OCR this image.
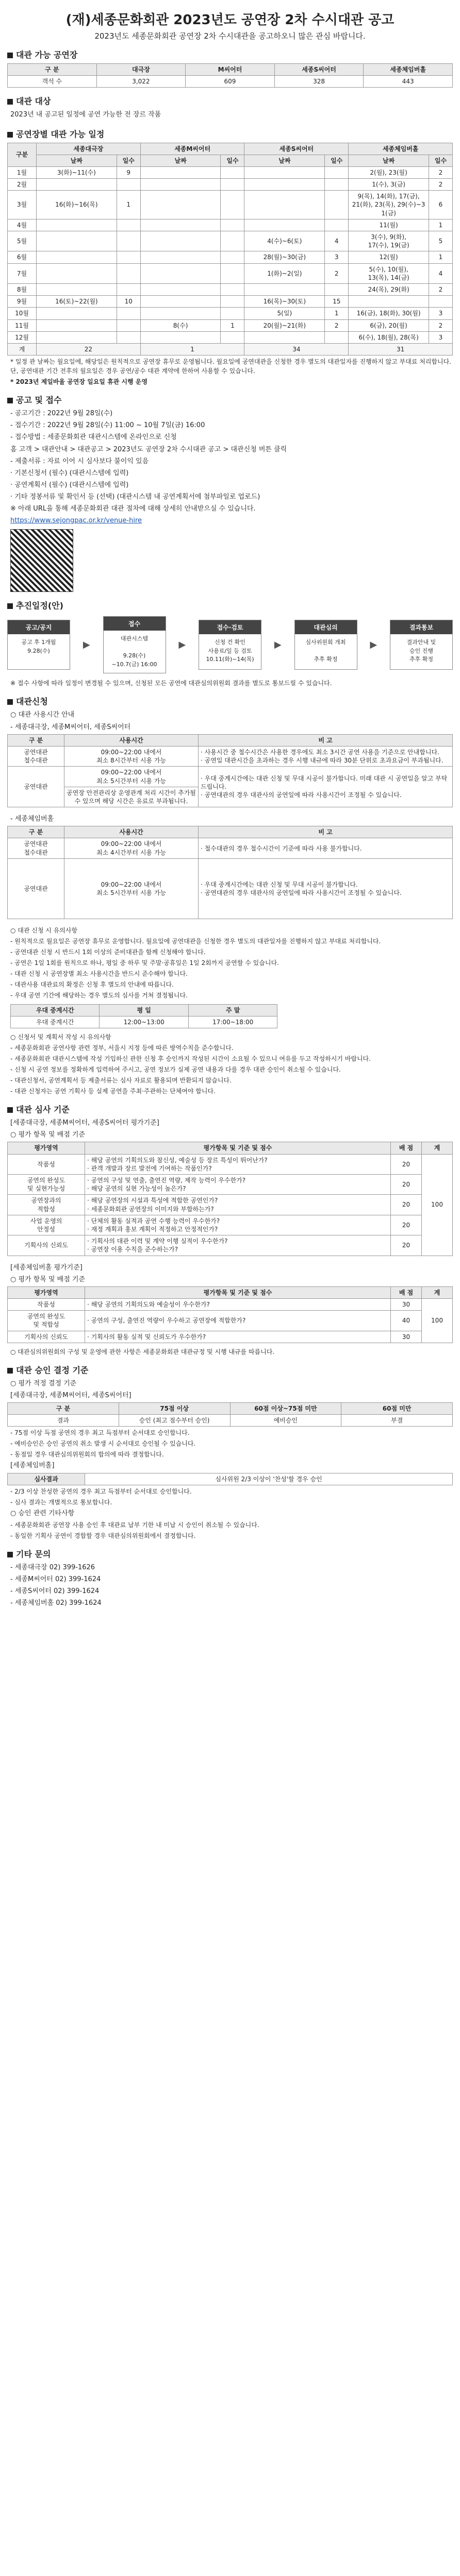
(재)세종문화회관 2023년도 공연장 2차 수시대관 공고
2023년도 세종문화회관 공연장 2차 수시대관을 공고하오니 많은 관심 바랍니다.
대관 가능 공연장
구 분	대극장	M씨어터	세종S씨어터	세종체임버홀
객석 수	3,022	609	328	443
대관 대상
2023년 내 공고된 일정에 공연 가능한 전 장르 작품
공연장별 대관 가능 일정
구분	세종대극장		세종M씨어터		세종S씨어터		세종체임버홀	
	날짜	일수	날짜	일수	날짜	일수	날짜	일수
1월	3(화)~11(수)	9					2(월), 23(월)	2
2월							1(수), 3(금)	2
3월	16(화)~16(목)	1					9(목), 14(화), 17(금),
21(화), 23(목), 29(수)~31(금)	6
4월							11(월)	1
5월					4(수)~6(토)	4	3(수), 9(화),
17(수), 19(금)	5
6월					28(월)~30(금)	3	12(월)	1
7월					1(화)~2(일)	2	5(수), 10(월),
13(목), 14(금)	4
8월							24(목), 29(화)	2
9월	16(토)~22(월)	10			16(목)~30(토)	15		
10월					5(일)	1	16(금), 18(화), 30(월)	3
11월			8(수)	1	20(월)~21(화)	2	6(금), 20(월)	2
12월							6(수), 18(월), 28(목)	3
계	22		1		34		31	
* 일정 관 날짜는 월요일에, 해당일은 원칙적으로 공연장 휴무로 운영됩니다. 월요일에 공연대관을 신청한 경우 별도의 대관일자를 진행하지 않고 부대료 처리합니다. 단, 공연대관 기간 전후의 월요일은 경우 공연/공수 대관 계약에 한하여 사용할 수 있습니다.
* 2023년 제일바울 공연장 일요일 휴관 시행 운영
공고 및 접수
- 공고기간 : 2022년 9월 28일(수)
- 접수기간 : 2022년 9월 28일(수) 11:00 ~ 10월 7일(금) 16:00
- 접수방법 : 세종문화회관 대관시스템에 온라인으로 신청
홈 고객 > 대관안내 > 대관공고 > 2023년도 공연장 2차 수시대관 공고 > 대관신청 버튼 클릭
- 제출서류 : 자료 이어 시 심사보다 불이익 있음
· 기본신청서 (필수) (대관시스템에 입력)
· 공연계획서 (필수) (대관시스템에 입력)
· 기타 정봉서류 및 확인서 등 (선택) (대관시스템 내 공연계획서에 첨부파일로 업로드)
※ 아래 URL을 통해 세종문화회관 대관 절차에 대해 상세히 안내받으실 수 있습니다.
https://www.sejongpac.or.kr/venue-hire
추진일정(안)
공고/공지
공고 후 1개월
9.28(수)
▶
접수
대관시스템

9.28(수)
~10.7(금) 16:00
▶
접수·검토
신청 건 확인
사용료/일 등 검토
10.11(화)~14(목)
▶
대관심의
심사위원회 개최

추후 확정
▶
결과통보
결과안내 및
승인 진행
추후 확정
※ 접수 사항에 따라 일정이 변경될 수 있으며, 신청된 모든 공연에 대관심의위원회 결과를 별도로 통보드릴 수 있습니다.
대관신청
○ 대관 사용시간 안내
- 세종대극장, 세종M씨어터, 세종S씨어터
구 분	사용시간	비 고
공연대관
철수대관	09:00~22:00 내에서
최소 8시간부터 시용 가능	· 사용시간 중 철수시간은 사용한 경우에도 최소 3시간 공연 사용을 기준으로 안내합니다.
· 공연일 대관시간을 초과하는 경우 시행 내규에 따라 30분 단위로 초과요금이 부과됩니다.
공연대관	09:00~22:00 내에서
최소 5시간부터 시용 가능	· 우대 중계시간에는 대관 신청 및 무대 시공이 불가합니다. 미래 대관 시 공연일을 알고 부탁드립니다.
· 공연대관의 경우 대관사의 공연일에 따라 사용시간이 조정될 수 있습니다.
	공연장 안전관리상 운영관계 처리 시간이 추가될 수 있으며 해당 시간은 유료로 부과됩니다.	
- 세종체임버홀
구 분	사용시간	비 고
공연대관
철수대관	09:00~22:00 내에서
최소 4시간부터 시용 가능	· 철수대관의 경우 철수시간이 기준에 따라 사용 불가합니다.
공연대관	09:00~22:00 내에서
최소 5시간부터 시용 가능	· 우대 중계시간에는 대관 신청 및 무대 시공이 불가합니다.
· 공연대관의 경우 대관사의 공연일에 따라 사용시간이 조정될 수 있습니다.
○ 대관 신청 시 유의사항
- 원칙적으로 월요일은 공연장 휴무로 운영합니다. 월요일에 공연대관을 신청한 경우 별도의 대관일자를 진행하지 않고 부대료 처리합니다.
- 공연대관 신청 시 반드시 1회 이상의 준비대관을 함께 신청해야 합니다.
- 공연은 1일 1회를 원칙으로 하나, 평일 중 하루 및 주말·공휴일은 1일 2회까지 공연할 수 있습니다.
- 대관 신청 시 공연장별 최소 사용시간을 반드시 준수해야 합니다.
- 대관사용 대관료의 확정은 신청 후 별도의 안내에 따릅니다.
- 우대 공연 기간에 해당하는 경우 별도의 심사를 거쳐 결정됩니다.
우대 중계시간	평 일	주 말
우대 중계시간	12:00~13:00	17:00~18:00
○ 신청서 및 계획서 작성 시 유의사항
- 세종문화회관 공연사항 관련 정부, 서울시 지정 등에 따른 방역수칙을 준수합니다.
- 세종문화회관 대관시스템에 작성 기입하신 관한 신청 후 승인까지 작성된 시간이 소요될 수 있으니 여유를 두고 작성하시기 바랍니다.
- 신청 시 공연 정보를 정확하게 입력하여 주시고, 공연 정보가 실제 공연 내용과 다를 경우 대관 승인이 취소될 수 있습니다.
- 대관신청서, 공연계획서 등 제출서류는 심사 자료로 활용되며 반환되지 않습니다.
- 대관 신청자는 공연 기획사 등 실제 공연을 주최·주관하는 단체여야 합니다.
대관 심사 기준
[세종대극장, 세종M씨어터, 세종S씨어터 평가기준]
○ 평가 항목 및 배점 기준
평가영역	평가항목 및 기준 및 점수	배 점	계
작품성	· 해당 공연의 기획의도와 참신성, 예술성 등 장르 특성이 뛰어난가?
· 관객 개발과 장르 발전에 기여하는 작품인가?	20	100
공연의 완성도
및 실현가능성	· 공연의 구성 및 연출, 출연진 역량, 제작 능력이 우수한가?
· 해당 공연의 실현 가능성이 높은가?	20	
공연장과의
적합성	· 해당 공연장의 시설과 특성에 적합한 공연인가?
· 세종문화회관 공연장의 이미지와 부합하는가?	20	
사업 운영의
안정성	· 단체의 활동 실적과 공연 수행 능력이 우수한가?
· 재정 계획과 홍보 계획이 적정하고 안정적인가?	20	
기획사의 신뢰도	· 기획사의 대관 이력 및 계약 이행 실적이 우수한가?
· 공연장 이용 수칙을 준수하는가?	20	
[세종체임버홀 평가기준]
○ 평가 항목 및 배점 기준
평가영역	평가항목 및 기준 및 점수	배 점	계
작품성	· 해당 공연의 기획의도와 예술성이 우수한가?	30	100
공연의 완성도
및 적합성	· 공연의 구성, 출연진 역량이 우수하고 공연장에 적합한가?	40	
기획사의 신뢰도	· 기획사의 활동 실적 및 신뢰도가 우수한가?	30	
○ 대관심의위원회의 구성 및 운영에 관한 사항은 세종문화회관 대관규정 및 시행 내규를 따릅니다.
대관 승인 결정 기준
○ 평가 적정 결정 기준
[세종대극장, 세종M씨어터, 세종S씨어터]
구 분	75점 이상	60점 이상~75점 미만	60점 미만
결과	승인 (최고 점수부터 승인)	예비승인	부결
- 75점 이상 득점 공연의 경우 최고 득점부터 순서대로 승인합니다.
- 예비승인은 승인 공연의 취소 발생 시 순서대로 승인될 수 있습니다.
- 동점일 경우 대관심의위원회의 합의에 따라 결정합니다.
[세종체임버홀]
심사결과	심사위원 2/3 이상이 '찬성'할 경우 승인
- 2/3 이상 찬성한 공연의 경우 최고 득점부터 순서대로 승인합니다.
- 심사 결과는 개별적으로 통보합니다.
○ 승인 관련 기타사항
- 세종문화회관 공연장 사용 승인 후 대관료 납부 기한 내 미납 시 승인이 취소될 수 있습니다.
- 동일한 기획사 공연이 경합할 경우 대관심의위원회에서 결정합니다.
기타 문의
- 세종대극장 02) 399-1626
- 세종M씨어터 02) 399-1624
- 세종S씨어터 02) 399-1624
- 세종체임버홀 02) 399-1624
